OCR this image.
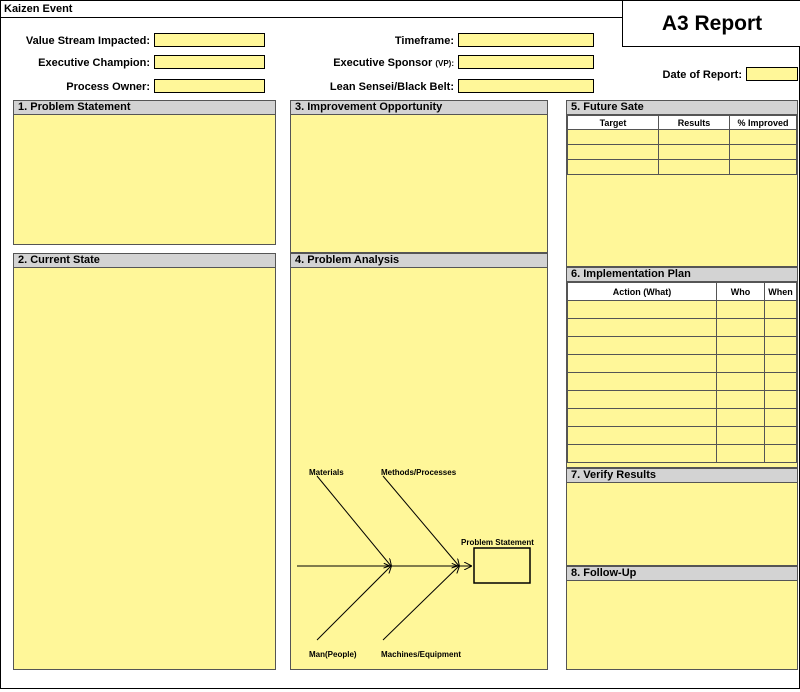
Kaizen Event
A3 Report
Value Stream Impacted:
Executive Champion:
Process Owner:
Timeframe:
Executive Sponsor (VP):
Lean Sensei/Black Belt:
Date of Report:
1. Problem Statement
2. Current State
3. Improvement Opportunity
4. Problem Analysis
Materials	Methods/Processes
Man(People)	Machines/Equipment
Problem Statement
5. Future Sate
Target	Results	% Improved

6. Implementation Plan
Action (What)	Who	When

7. Verify Results
8. Follow-Up
